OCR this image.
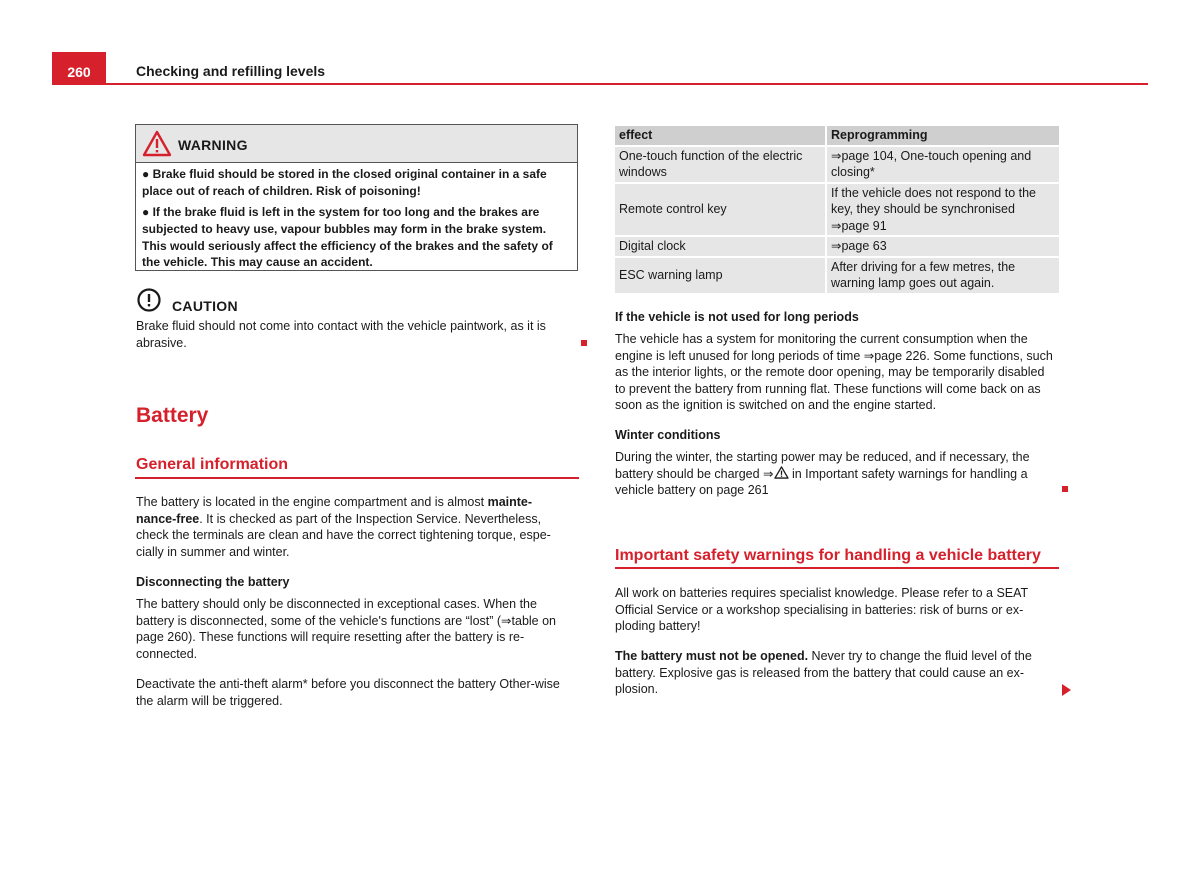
260	Checking and refilling levels
WARNING
● Brake fluid should be stored in the closed original container in a safe place out of reach of children. Risk of poisoning!
● If the brake fluid is left in the system for too long and the brakes are subjected to heavy use, vapour bubbles may form in the brake system. This would seriously affect the efficiency of the brakes and the safety of the vehicle. This may cause an accident.
CAUTION
Brake fluid should not come into contact with the vehicle paintwork, as it is abrasive.
Battery
General information
The battery is located in the engine compartment and is almost mainte-nance-free. It is checked as part of the Inspection Service. Nevertheless, check the terminals are clean and have the correct tightening torque, espe-cially in summer and winter.
Disconnecting the battery
The battery should only be disconnected in exceptional cases. When the battery is disconnected, some of the vehicle's functions are “lost” (⇒table on page 260). These functions will require resetting after the battery is re-connected.
Deactivate the anti-theft alarm* before you disconnect the battery Other-wise the alarm will be triggered.
effect	Reprogramming
One-touch function of the electric windows	⇒page 104, One-touch opening and closing*
Remote control key	If the vehicle does not respond to the key, they should be synchronised ⇒page 91
Digital clock	⇒page 63
ESC warning lamp	After driving for a few metres, the warning lamp goes out again.
If the vehicle is not used for long periods
The vehicle has a system for monitoring the current consumption when the engine is left unused for long periods of time ⇒page 226. Some functions, such as the interior lights, or the remote door opening, may be temporarily disabled to prevent the battery from running flat. These functions will come back on as soon as the ignition is switched on and the engine started.
Winter conditions
During the winter, the starting power may be reduced, and if necessary, the battery should be charged ⇒ in Important safety warnings for handling a vehicle battery on page 261
Important safety warnings for handling a vehicle battery
All work on batteries requires specialist knowledge. Please refer to a SEAT Official Service or a workshop specialising in batteries: risk of burns or ex-ploding battery!
The battery must not be opened. Never try to change the fluid level of the battery. Explosive gas is released from the battery that could cause an ex-plosion.
